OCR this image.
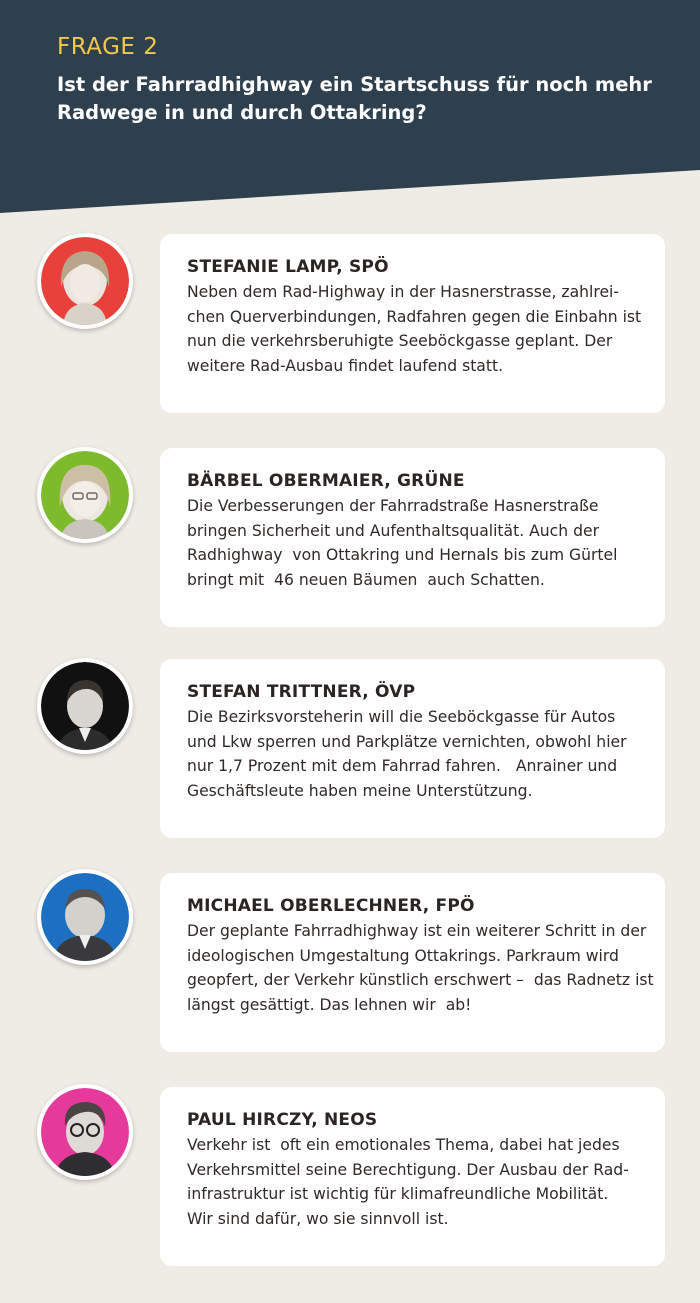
FRAGE 2
Ist der Fahrradhighway ein Startschuss für noch mehr
Radwege in und durch Ottakring?
STEFANIE LAMP, SPÖ
Neben dem Rad-Highway in der Hasnerstrasse, zahlrei-
chen Querverbindungen, Radfahren gegen die Einbahn ist
nun die verkehrsberuhigte Seeböckgasse geplant. Der
weitere Rad-Ausbau findet laufend statt.
BÄRBEL OBERMAIER, GRÜNE
Die Verbesserungen der Fahrradstraße Hasnerstraße
bringen Sicherheit und Aufenthaltsqualität. Auch der
Radhighway  von Ottakring und Hernals bis zum Gürtel
bringt mit  46 neuen Bäumen  auch Schatten.
STEFAN TRITTNER, ÖVP
Die Bezirksvorsteherin will die Seeböckgasse für Autos
und Lkw sperren und Parkplätze vernichten, obwohl hier
nur 1,7 Prozent mit dem Fahrrad fahren.   Anrainer und
Geschäftsleute haben meine Unterstützung.
MICHAEL OBERLECHNER, FPÖ
Der geplante Fahrradhighway ist ein weiterer Schritt in der
ideologischen Umgestaltung Ottakrings. Parkraum wird
geopfert, der Verkehr künstlich erschwert –  das Radnetz ist
längst gesättigt. Das lehnen wir  ab!
PAUL HIRCZY, NEOS
Verkehr ist  oft ein emotionales Thema, dabei hat jedes
Verkehrsmittel seine Berechtigung. Der Ausbau der Rad-
infrastruktur ist wichtig für klimafreundliche Mobilität.
Wir sind dafür, wo sie sinnvoll ist.
